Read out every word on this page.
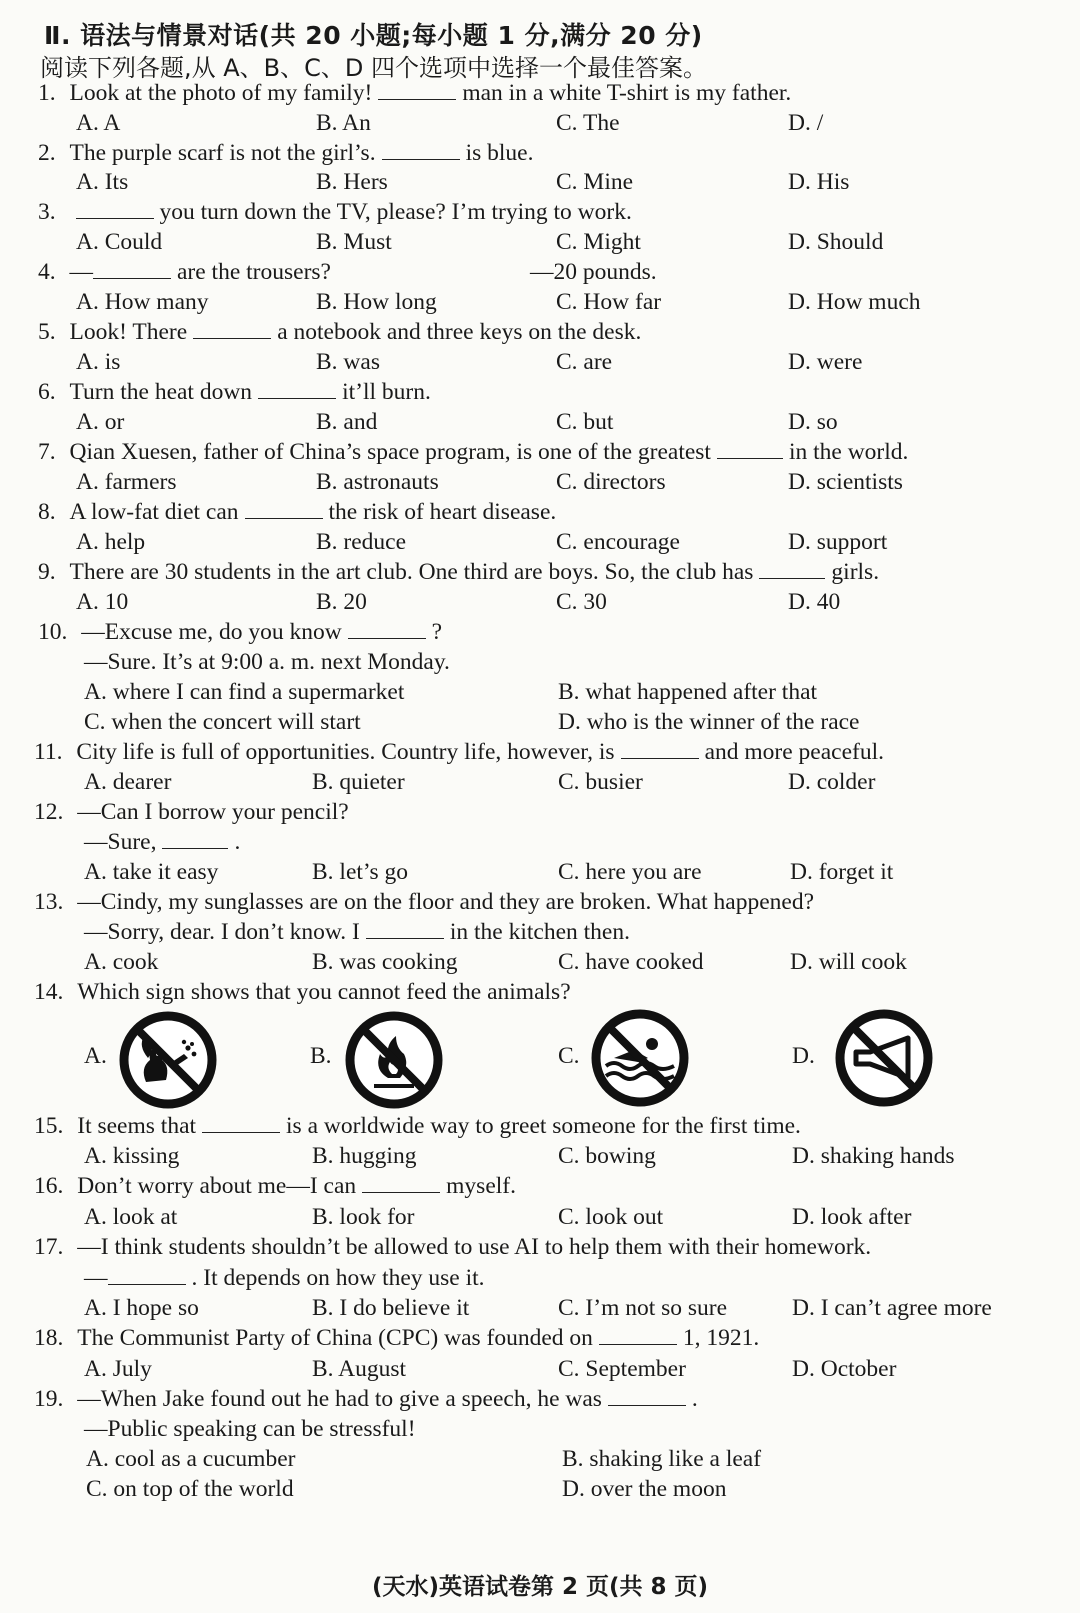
Ⅱ. 语法与情景对话(共 20 小题;每小题 1 分,满分 20 分)
阅读下列各题,从 A、B、C、D 四个选项中选择一个最佳答案。
1. Look at the photo of my family!	man in a white T-shirt is my father.
A. A	B. An	C. The	D. /
2. The purple scarf is not the girl’s.	is blue.
A. Its	B. Hers	C. Mine	D. His
3.	you turn down the TV, please? I’m trying to work.
A. Could	B. Must	C. Might	D. Should
4. —	are the trousers?	—20 pounds.
A. How many	B. How long	C. How far	D. How much
5. Look! There	a notebook and three keys on the desk.
A. is	B. was	C. are	D. were
6. Turn the heat down	it’ll burn.
A. or	B. and	C. but	D. so
7. Qian Xuesen, father of China’s space program, is one of the greatest	in the world.
A. farmers	B. astronauts	C. directors	D. scientists
8. A low-fat diet can	the risk of heart disease.
A. help	B. reduce	C. encourage	D. support
9. There are 30 students in the art club. One third are boys. So, the club has	girls.
A. 10	B. 20	C. 30	D. 40
10. —Excuse me, do you know	?
—Sure. It’s at 9:00 a. m. next Monday.
A. where I can find a supermarket	B. what happened after that
C. when the concert will start	D. who is the winner of the race
11. City life is full of opportunities. Country life, however, is	and more peaceful.
A. dearer	B. quieter	C. busier	D. colder
12. —Can I borrow your pencil?
—Sure,	.
A. take it easy	B. let’s go	C. here you are	D. forget it
13. —Cindy, my sunglasses are on the floor and they are broken. What happened?
—Sorry, dear. I don’t know. I	in the kitchen then.
A. cook	B. was cooking	C. have cooked	D. will cook
14. Which sign shows that you cannot feed the animals?
A.	B.	C.	D.
15. It seems that	is a worldwide way to greet someone for the first time.
A. kissing	B. hugging	C. bowing	D. shaking hands
16. Don’t worry about me—I can	myself.
A. look at	B. look for	C. look out	D. look after
17. —I think students shouldn’t be allowed to use AI to help them with their homework.
—	. It depends on how they use it.
A. I hope so	B. I do believe it	C. I’m not so sure	D. I can’t agree more
18. The Communist Party of China (CPC) was founded on	1, 1921.
A. July	B. August	C. September	D. October
19. —When Jake found out he had to give a speech, he was	.
—Public speaking can be stressful!
A. cool as a cucumber	B. shaking like a leaf
C. on top of the world	D. over the moon
(天水)英语试卷第 2 页(共 8 页)
